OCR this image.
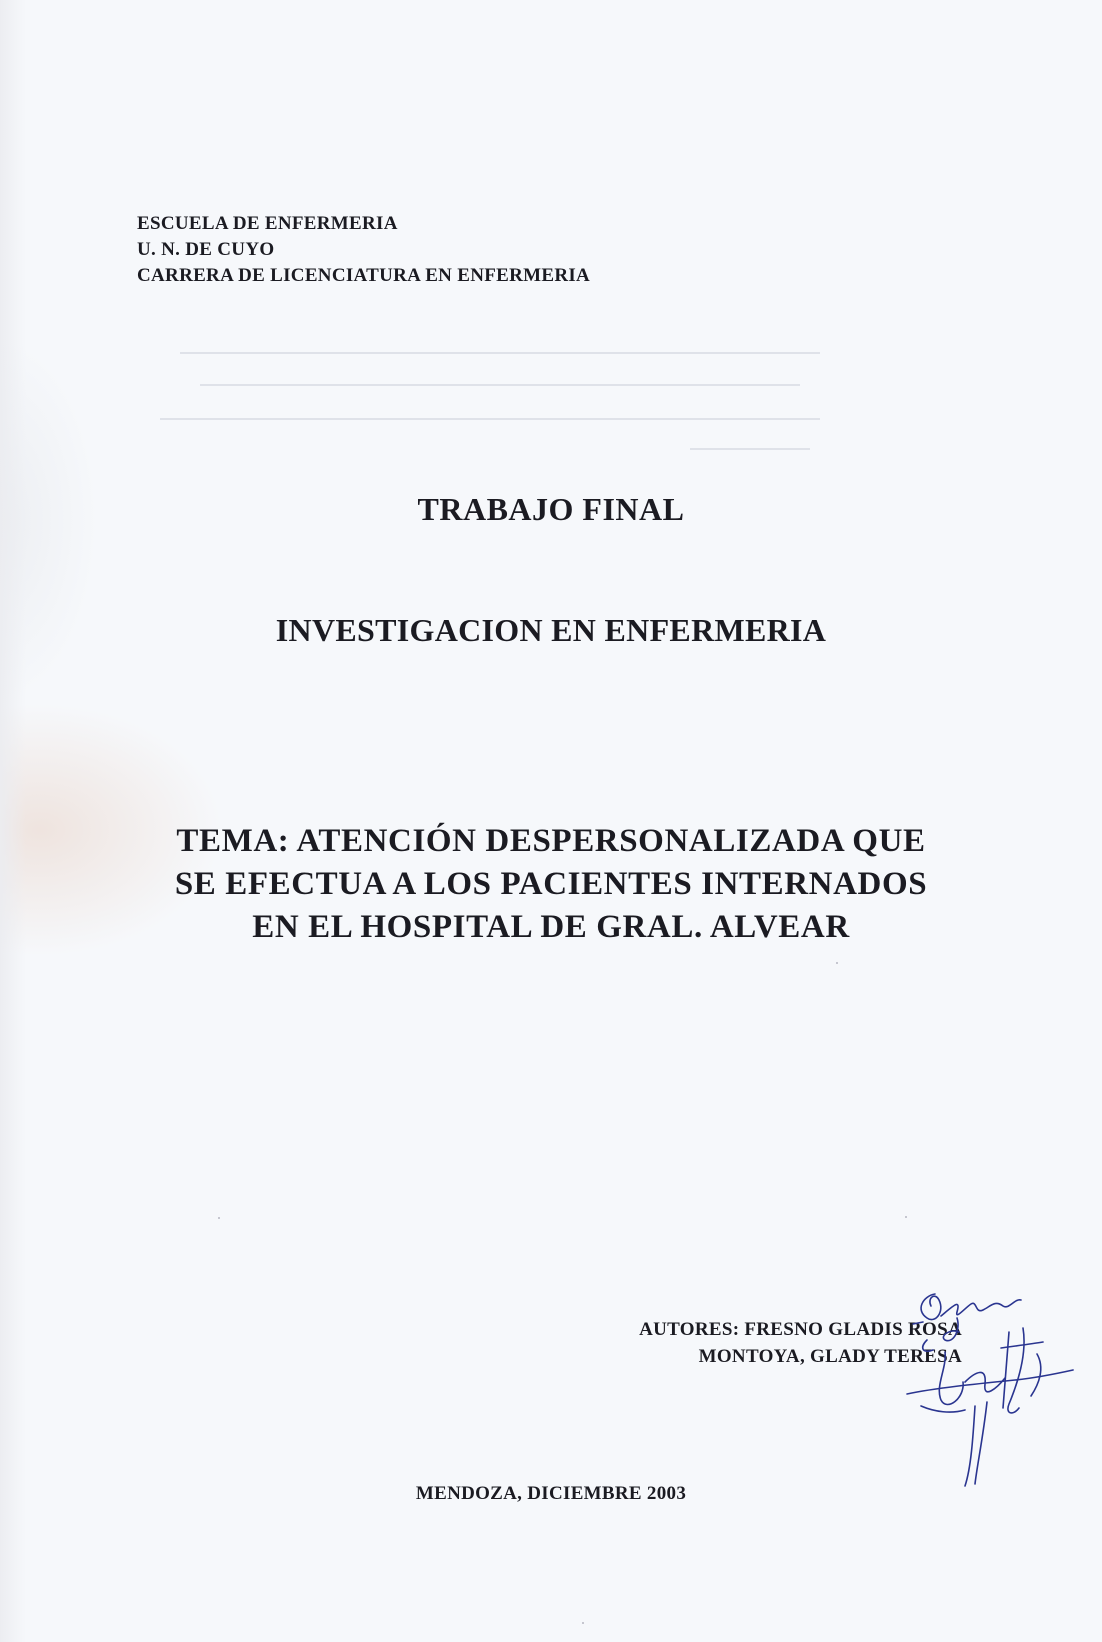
ESCUELA DE ENFERMERIA
U. N. DE CUYO
CARRERA DE LICENCIATURA EN ENFERMERIA
TRABAJO FINAL
INVESTIGACION EN ENFERMERIA
TEMA: ATENCIÓN DESPERSONALIZADA QUE
SE EFECTUA A LOS PACIENTES INTERNADOS
EN EL HOSPITAL DE GRAL. ALVEAR
AUTORES: FRESNO GLADIS ROSA
MONTOYA, GLADY TERESA
MENDOZA, DICIEMBRE 2003
